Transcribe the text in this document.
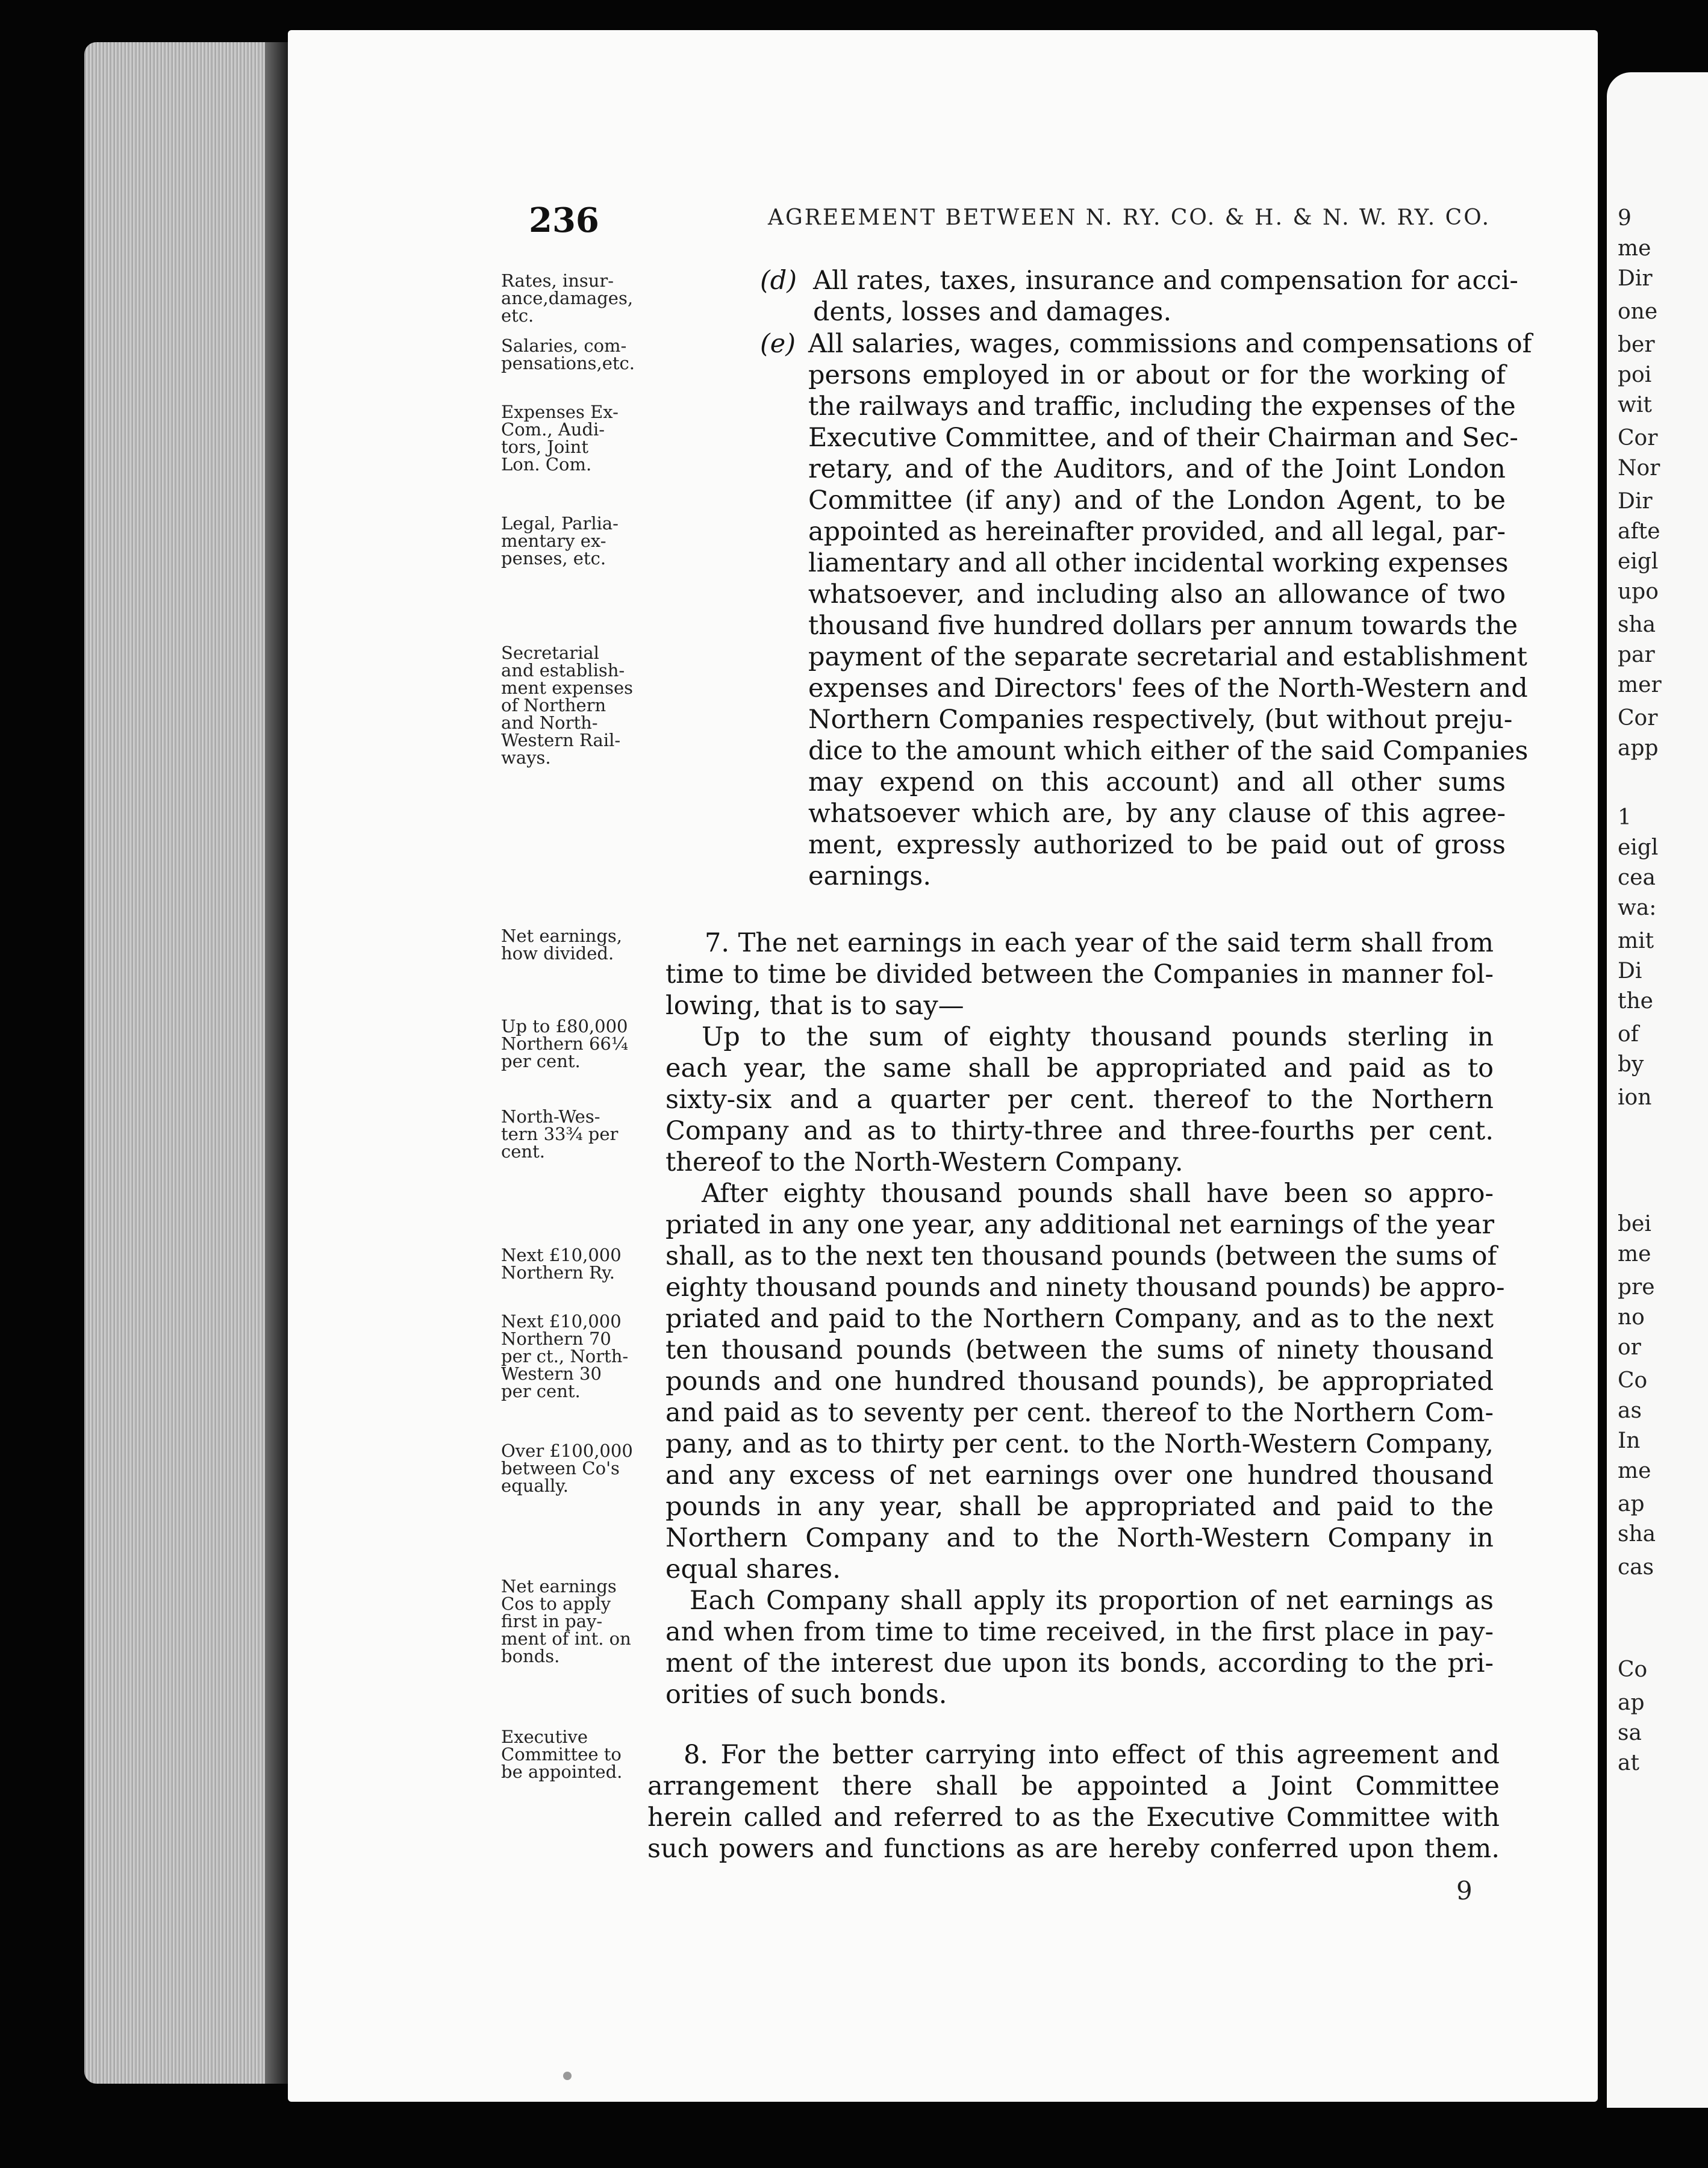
9
me
Dir
one
ber
poi
wit
Cor
Nor
Dir
afte
eigl
upo
sha
par
mer
Cor
app
1
eigl
cea
wa:
mit
Di
the
of
by
ion
bei
me
pre
no
or
Co
as
In
me
ap
sha
cas
Co
ap
sa
at
236	AGREEMENT BETWEEN N. RY. CO. & H. & N. W. RY. CO.
Rates, insur-
ance,damages,
etc.
Salaries, com-
pensations,etc.
Expenses Ex-
Com., Audi-
tors, Joint
Lon. Com.
Legal, Parlia-
mentary ex-
penses, etc.
Secretarial
and establish-
ment expenses
of Northern
and North-
Western Rail-
ways.
Net earnings,
how divided.
Up to £80,000
Northern 66¼
per cent.
North-Wes-
tern 33¾ per
cent.
Next £10,000
Northern Ry.
Next £10,000
Northern 70
per ct., North-
Western 30
per cent.
Over £100,000
between Co's
equally.
Net earnings
Cos to apply
first in pay-
ment of int. on
bonds.
Executive
Committee to
be appointed.
(d) All rates, taxes, insurance and compensation for acci-
dents, losses and damages.
(e) All salaries, wages, commissions and compensations of
persons employed in or about or for the working of
the railways and traffic, including the expenses of the
Executive Committee, and of their Chairman and Sec-
retary, and of the Auditors, and of the Joint London
Committee (if any) and of the London Agent, to be
appointed as hereinafter provided, and all legal, par-
liamentary and all other incidental working expenses
whatsoever, and including also an allowance of two
thousand five hundred dollars per annum towards the
payment of the separate secretarial and establishment
expenses and Directors' fees of the North-Western and
Northern Companies respectively, (but without preju-
dice to the amount which either of the said Companies
may expend on this account) and all other sums
whatsoever which are, by any clause of this agree-
ment, expressly authorized to be paid out of gross
earnings.
7. The net earnings in each year of the said term shall from
time to time be divided between the Companies in manner fol-
lowing, that is to say—
Up to the sum of eighty thousand pounds sterling in
each year, the same shall be appropriated and paid as to
sixty-six and a quarter per cent. thereof to the Northern
Company and as to thirty-three and three-fourths per cent.
thereof to the North-Western Company.
After eighty thousand pounds shall have been so appro-
priated in any one year, any additional net earnings of the year
shall, as to the next ten thousand pounds (between the sums of
eighty thousand pounds and ninety thousand pounds) be appro-
priated and paid to the Northern Company, and as to the next
ten thousand pounds (between the sums of ninety thousand
pounds and one hundred thousand pounds), be appropriated
and paid as to seventy per cent. thereof to the Northern Com-
pany, and as to thirty per cent. to the North-Western Company,
and any excess of net earnings over one hundred thousand
pounds in any year, shall be appropriated and paid to the
Northern Company and to the North-Western Company in
equal shares.
Each Company shall apply its proportion of net earnings as
and when from time to time received, in the first place in pay-
ment of the interest due upon its bonds, according to the pri-
orities of such bonds.
8. For the better carrying into effect of this agreement and
arrangement there shall be appointed a Joint Committee
herein called and referred to as the Executive Committee with
such powers and functions as are hereby conferred upon them.
9
